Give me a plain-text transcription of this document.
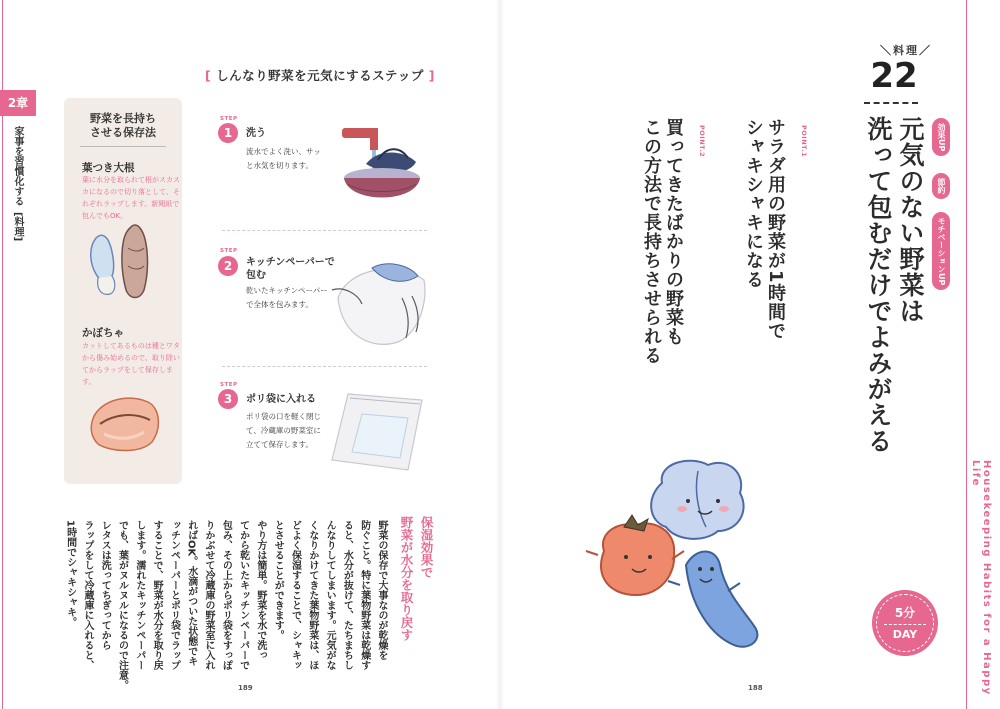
2章
家事を習慣化する
[料理]
[ しんなり野菜を元気にするステップ ]
野菜を長持ち
させる保存法
葉つき大根
葉に水分を取られて根がスカスカになるので切り落として、それぞれラップします。新聞紙で包んでもOK。
かぼちゃ
カットしてあるものは種とワタから傷み始めるので、取り除いてからラップをして保存します。
STEP
1	洗う
流水でよく洗い、サッと水気を切ります。
STEP
2	キッチンペーパーで包む
乾いたキッチンペーパーで全体を包みます。
STEP
3	ポリ袋に入れる
ポリ袋の口を軽く閉じて、冷蔵庫の野菜室に立てて保存します。
保湿効果で
野菜が水分を取り戻す
野菜の保存で大事なのが乾燥を
防ぐこと。特に葉物野菜は乾燥す
ると、水分が抜けて、たちまちし
んなりしてしまいます。元気がな
くなりかけてきた葉物野菜は、ほ
どよく保湿することで、シャキッ
とさせることができます。
やり方は簡単。野菜を水で洗っ
てから乾いたキッチンペーパーで
包み、その上からポリ袋をすっぽ
りかぶせて冷蔵庫の野菜室に入れ
ればOK。水滴がついた状態でキ
ッチンペーパーとポリ袋でラップ
することで、野菜が水分を取り戻
します。濡れたキッチンペーパー
でも、葉がヌルヌルになるので注意。
レタスは洗ってちぎってから
ラップをして冷蔵庫に入れると、
1時間でシャキシャキ。
189	188
＼料理／
22
元気のない野菜は
洗って包むだけでよみがえる	効果UP
節約
モチベーションUP
POINT.1
サラダ用の野菜が1時間で
シャキシャキになる
POINT.2
買ってきたばかりの野菜も
この方法で長持ちさせられる
Housekeeping Habits for a Happy Life
5分
DAY
